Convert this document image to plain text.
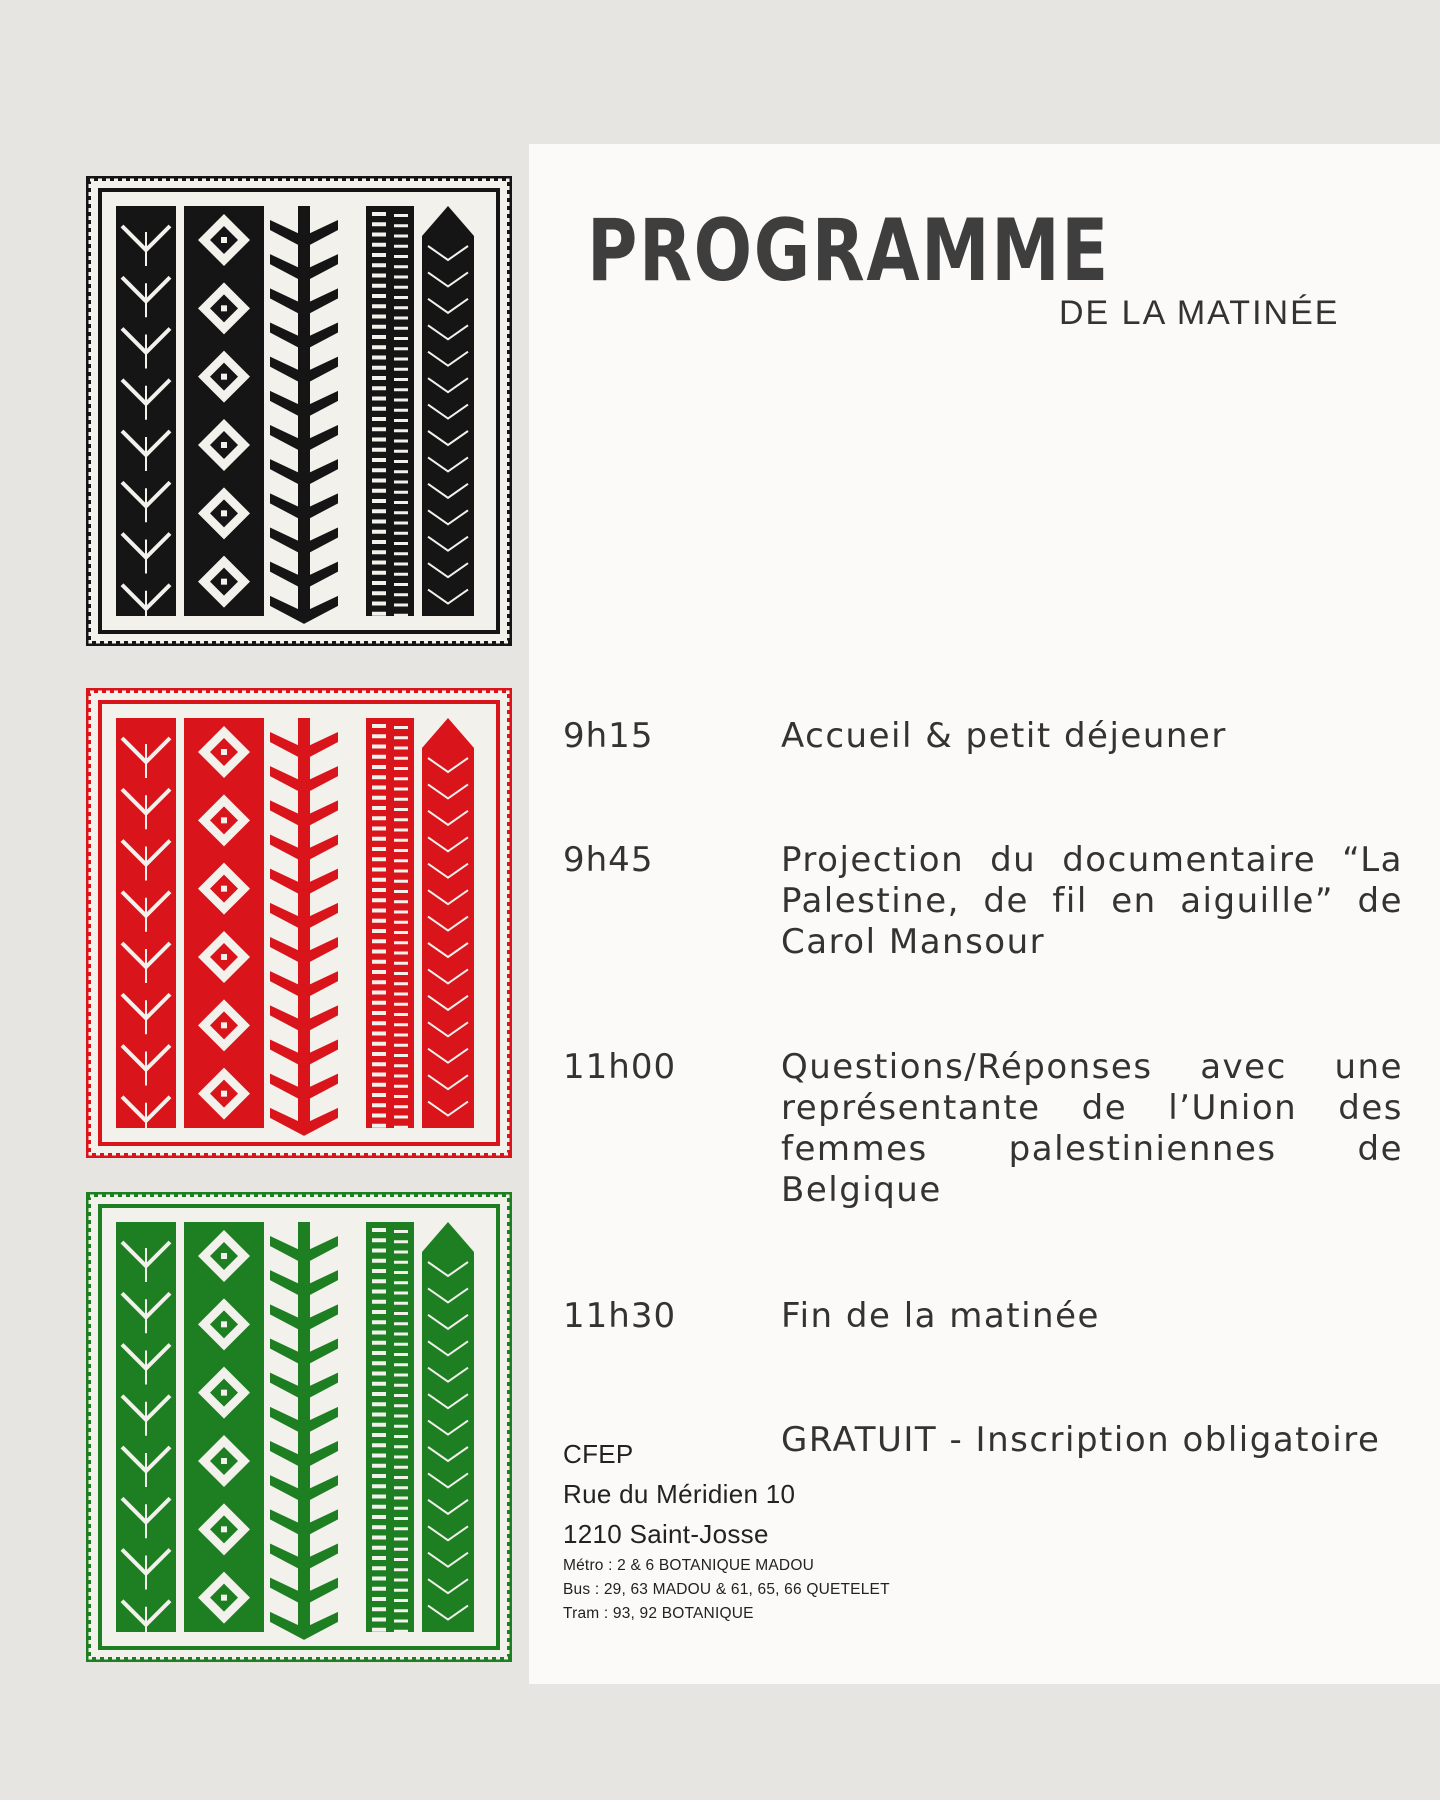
PROGRAMME
DE LA MATINÉE
9h15	Accueil & petit déjeuner
9h45	Projection du documentaire “La Palestine, de fil en aiguille” de Carol Mansour
11h00	Questions/Réponses avec une représentante de l’Union des femmes palestiniennes de Belgique
11h30	Fin de la matinée
GRATUIT - Inscription obligatoire
CFEP
Rue du Méridien 10
1210 Saint-Josse
Métro : 2 & 6 BOTANIQUE MADOU
Bus : 29, 63 MADOU & 61, 65, 66 QUETELET
Tram : 93, 92 BOTANIQUE
